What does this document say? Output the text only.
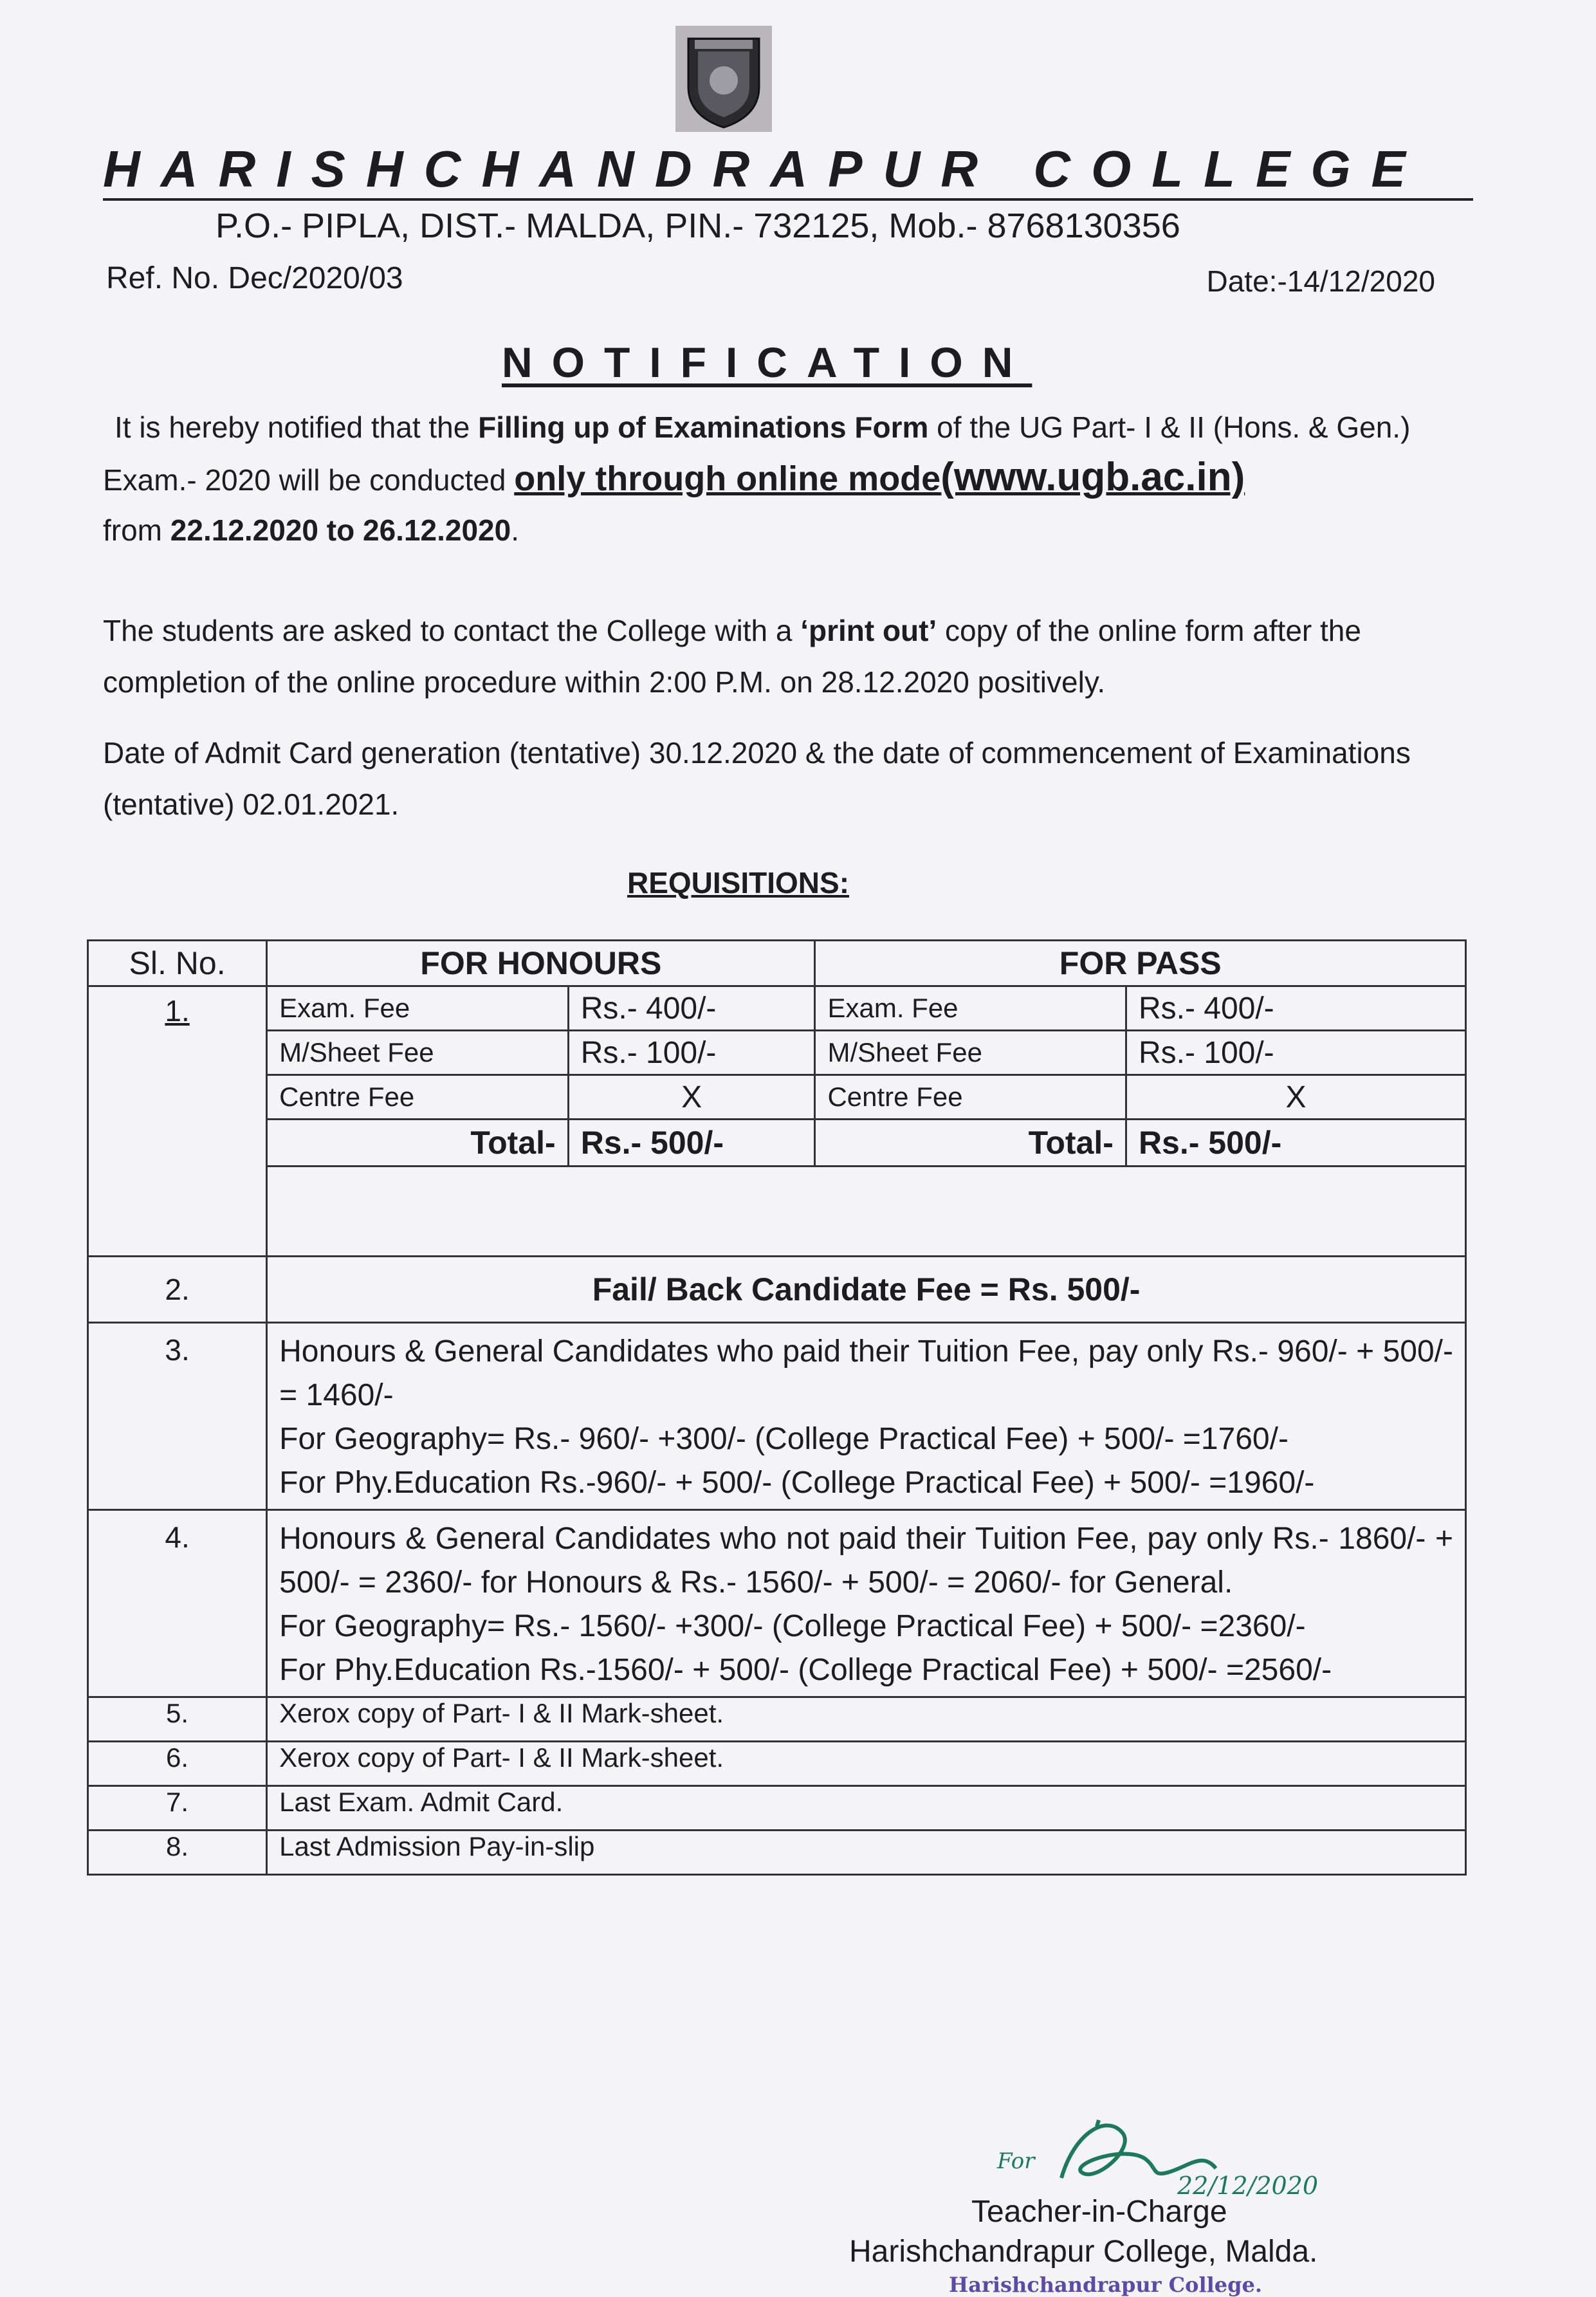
HARISHCHANDRAPUR COLLEGE
P.O.- PIPLA, DIST.- MALDA, PIN.- 732125, Mob.- 8768130356
Ref. No. Dec/2020/03	Date:-14/12/2020
NOTIFICATION
It is hereby notified that the Filling up of Examinations Form of the UG Part- I & II (Hons. & Gen.) Exam.- 2020 will be conducted only through online mode(www.ugb.ac.in)
from 22.12.2020 to 26.12.2020.
The students are asked to contact the College with a ‘print out’ copy of the online form after the completion of the online procedure within 2:00 P.M. on 28.12.2020 positively.
Date of Admit Card generation (tentative) 30.12.2020 & the date of commencement of Examinations (tentative) 02.01.2021.
REQUISITIONS:
Sl. No.	FOR HONOURS		FOR PASS	
1.	Exam. Fee	Rs.- 400/-	Exam. Fee	Rs.- 400/-
	M/Sheet Fee	Rs.- 100/-	M/Sheet Fee	Rs.- 100/-
	Centre Fee	X	Centre Fee	X
	Total-	Rs.- 500/-	Total-	Rs.- 500/-

2.	Fail/ Back Candidate Fee = Rs. 500/-			
3.	Honours & General Candidates who paid their Tuition Fee, pay only Rs.- 960/- + 500/- = 1460/-
For Geography= Rs.- 960/- +300/- (College Practical Fee) + 500/- =1760/-
For Phy.Education Rs.-960/- + 500/- (College Practical Fee) + 500/- =1960/-			

4.	Honours & General Candidates who not paid their Tuition Fee, pay only Rs.- 1860/- + 500/- = 2360/- for Honours & Rs.- 1560/- + 500/- = 2060/- for General.
For Geography= Rs.- 1560/- +300/- (College Practical Fee) + 500/- =2360/-
For Phy.Education Rs.-1560/- + 500/- (College Practical Fee) + 500/- =2560/-			

5.	Xerox copy of Part- I & II Mark-sheet.			
6.	Xerox copy of Part- I & II Mark-sheet.			
7.	Last Exam. Admit Card.			
8.	Last Admission Pay-in-slip			
For
22/12/2020
Teacher-in-Charge
Harishchandrapur College, Malda.
Harishchandrapur College.
